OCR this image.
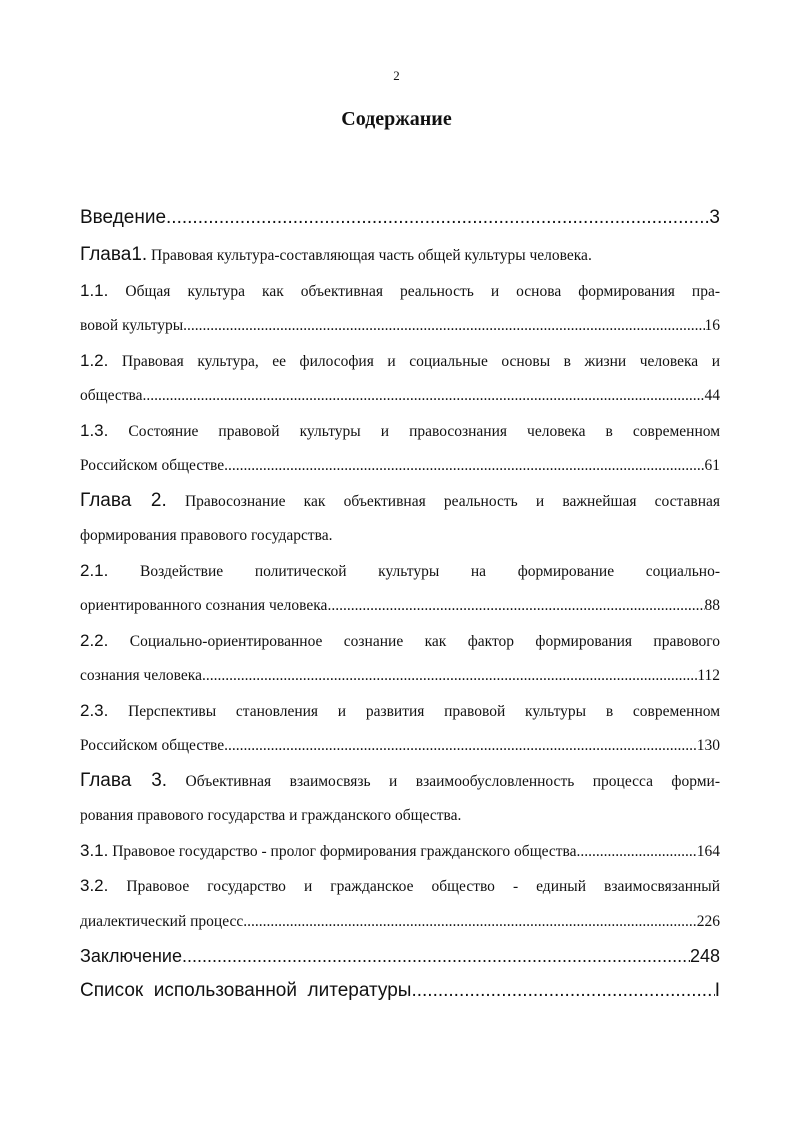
2
Содержание
Введение .....	3
Глава1. Правовая культура-составляющая часть общей культуры человека.
1.1. Общая культура как объективная реальность и основа формирования пра-
вовой культуры .....	16
1.2. Правовая культура, ее философия и социальные основы в жизни человека и
общества .....	44
1.3. Состояние правовой культуры и правосознания человека в современном
Российском обществе .....	61
Глава 2. Правосознание как объективная реальность и важнейшая составная
формирования правового государства.
2.1. Воздействие политической культуры на формирование социально-
ориентированного сознания человека .....	88
2.2. Социально-ориентированное сознание как фактор формирования правового
сознания человека .....	112
2.3. Перспективы становления и развития правовой культуры в современном
Российском обществе .....	130
Глава 3. Объективная взаимосвязь и взаимообусловленность процесса форми-
рования правового государства и гражданского общества.
3.1. Правовое государство - пролог формирования гражданского общества .....	164
3.2. Правовое государство и гражданское общество - единый взаимосвязанный
диалектический процесс .....	226
Заключение .....	248
Список  использованной  литературы .....	I
